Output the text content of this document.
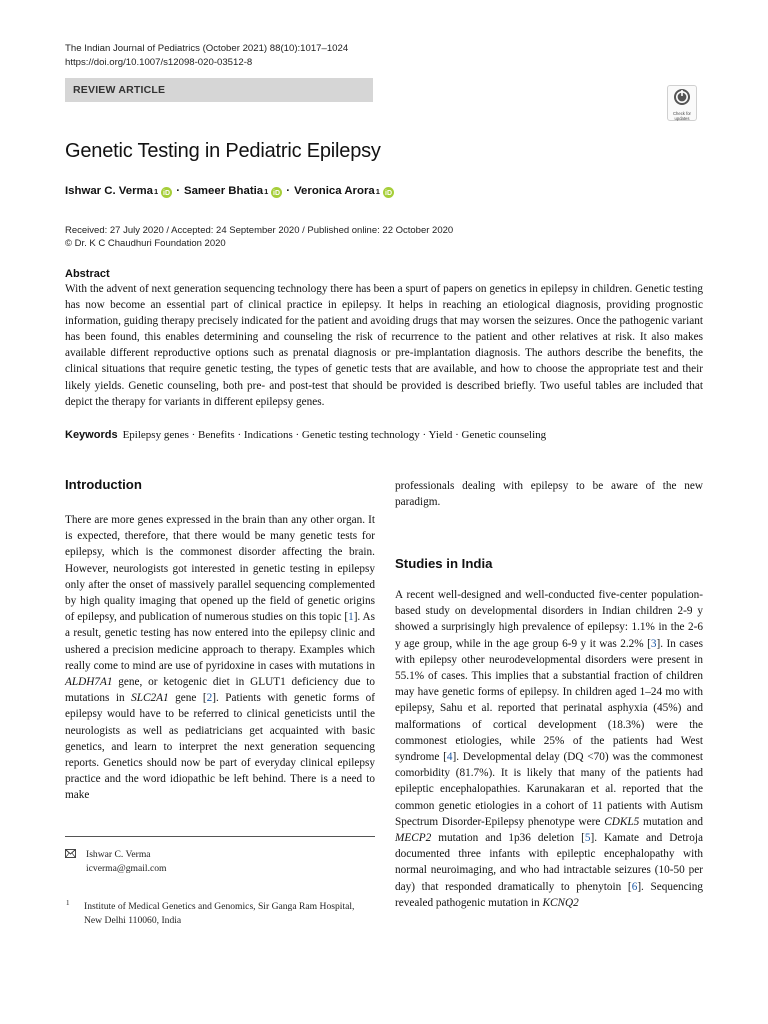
The Indian Journal of Pediatrics (October 2021) 88(10):1017–1024
https://doi.org/10.1007/s12098-020-03512-8
REVIEW ARTICLE
Check for updates
Genetic Testing in Pediatric Epilepsy
Ishwar C. Verma 1 iD · Sameer Bhatia 1 iD · Veronica Arora 1 iD
Received: 27 July 2020 / Accepted: 24 September 2020 / Published online: 22 October 2020
© Dr. K C Chaudhuri Foundation 2020
Abstract
With the advent of next generation sequencing technology there has been a spurt of papers on genetics in epilepsy in children. Genetic testing has now become an essential part of clinical practice in epilepsy. It helps in reaching an etiological diagnosis, providing prognostic information, guiding therapy precisely indicated for the patient and avoiding drugs that may worsen the seizures. Once the pathogenic variant has been found, this enables determining and counseling the risk of recurrence to the patient and other relatives at risk. It also makes available different reproductive options such as prenatal diagnosis or pre-implantation diagnosis. The authors describe the benefits, the clinical situations that require genetic testing, the types of genetic tests that are available, and how to choose the appropriate test and their likely yields. Genetic counseling, both pre- and post-test that should be provided is described briefly. Two useful tables are included that depict the therapy for variants in different epilepsy genes.
Keywords Epilepsy genes · Benefits · Indications · Genetic testing technology · Yield · Genetic counseling
Introduction
There are more genes expressed in the brain than any other organ. It is expected, therefore, that there would be many genetic tests for epilepsy, which is the commonest disorder affecting the brain. However, neurologists got interested in genetic testing in epilepsy only after the onset of massively parallel sequencing complemented by high quality imaging that opened up the field of genetic origins of epilepsy, and publication of numerous studies on this topic [1]. As a result, genetic testing has now entered into the epilepsy clinic and ushered a precision medicine approach to therapy. Examples which really come to mind are use of pyridoxine in cases with mutations in ALDH7A1 gene, or ketogenic diet in GLUT1 deficiency due to mutations in SLC2A1 gene [2]. Patients with genetic forms of epilepsy would have to be referred to clinical geneticists until the neurologists as well as pediatricians get acquainted with basic genetics, and learn to interpret the next generation sequencing reports. Genetics should now be part of everyday clinical epilepsy practice and the word idiopathic be left behind. There is a need to make
Ishwar C. Verma
icverma@gmail.com
1 Institute of Medical Genetics and Genomics, Sir Ganga Ram Hospital, New Delhi 110060, India
professionals dealing with epilepsy to be aware of the new paradigm.
Studies in India
A recent well-designed and well-conducted five-center population-based study on developmental disorders in Indian children 2-9 y showed a surprisingly high prevalence of epilepsy: 1.1% in the 2-6 y age group, while in the age group 6-9 y it was 2.2% [3]. In cases with epilepsy other neurodevelopmental disorders were present in 55.1% of cases. This implies that a substantial fraction of children may have genetic forms of epilepsy. In children aged 1–24 mo with epilepsy, Sahu et al. reported that perinatal asphyxia (45%) and malformations of cortical development (18.3%) were the commonest etiologies, while 25% of the patients had West syndrome [4]. Developmental delay (DQ <70) was the commonest comorbidity (81.7%). It is likely that many of the patients had epileptic encephalopathies. Karunakaran et al. reported that the common genetic etiologies in a cohort of 11 patients with Autism Spectrum Disorder-Epilepsy phenotype were CDKL5 mutation and MECP2 mutation and 1p36 deletion [5]. Kamate and Detroja documented three infants with epileptic encephalopathy with normal neuroimaging, and who had intractable seizures (10-50 per day) that responded dramatically to phenytoin [6]. Sequencing revealed pathogenic mutation in KCNQ2
